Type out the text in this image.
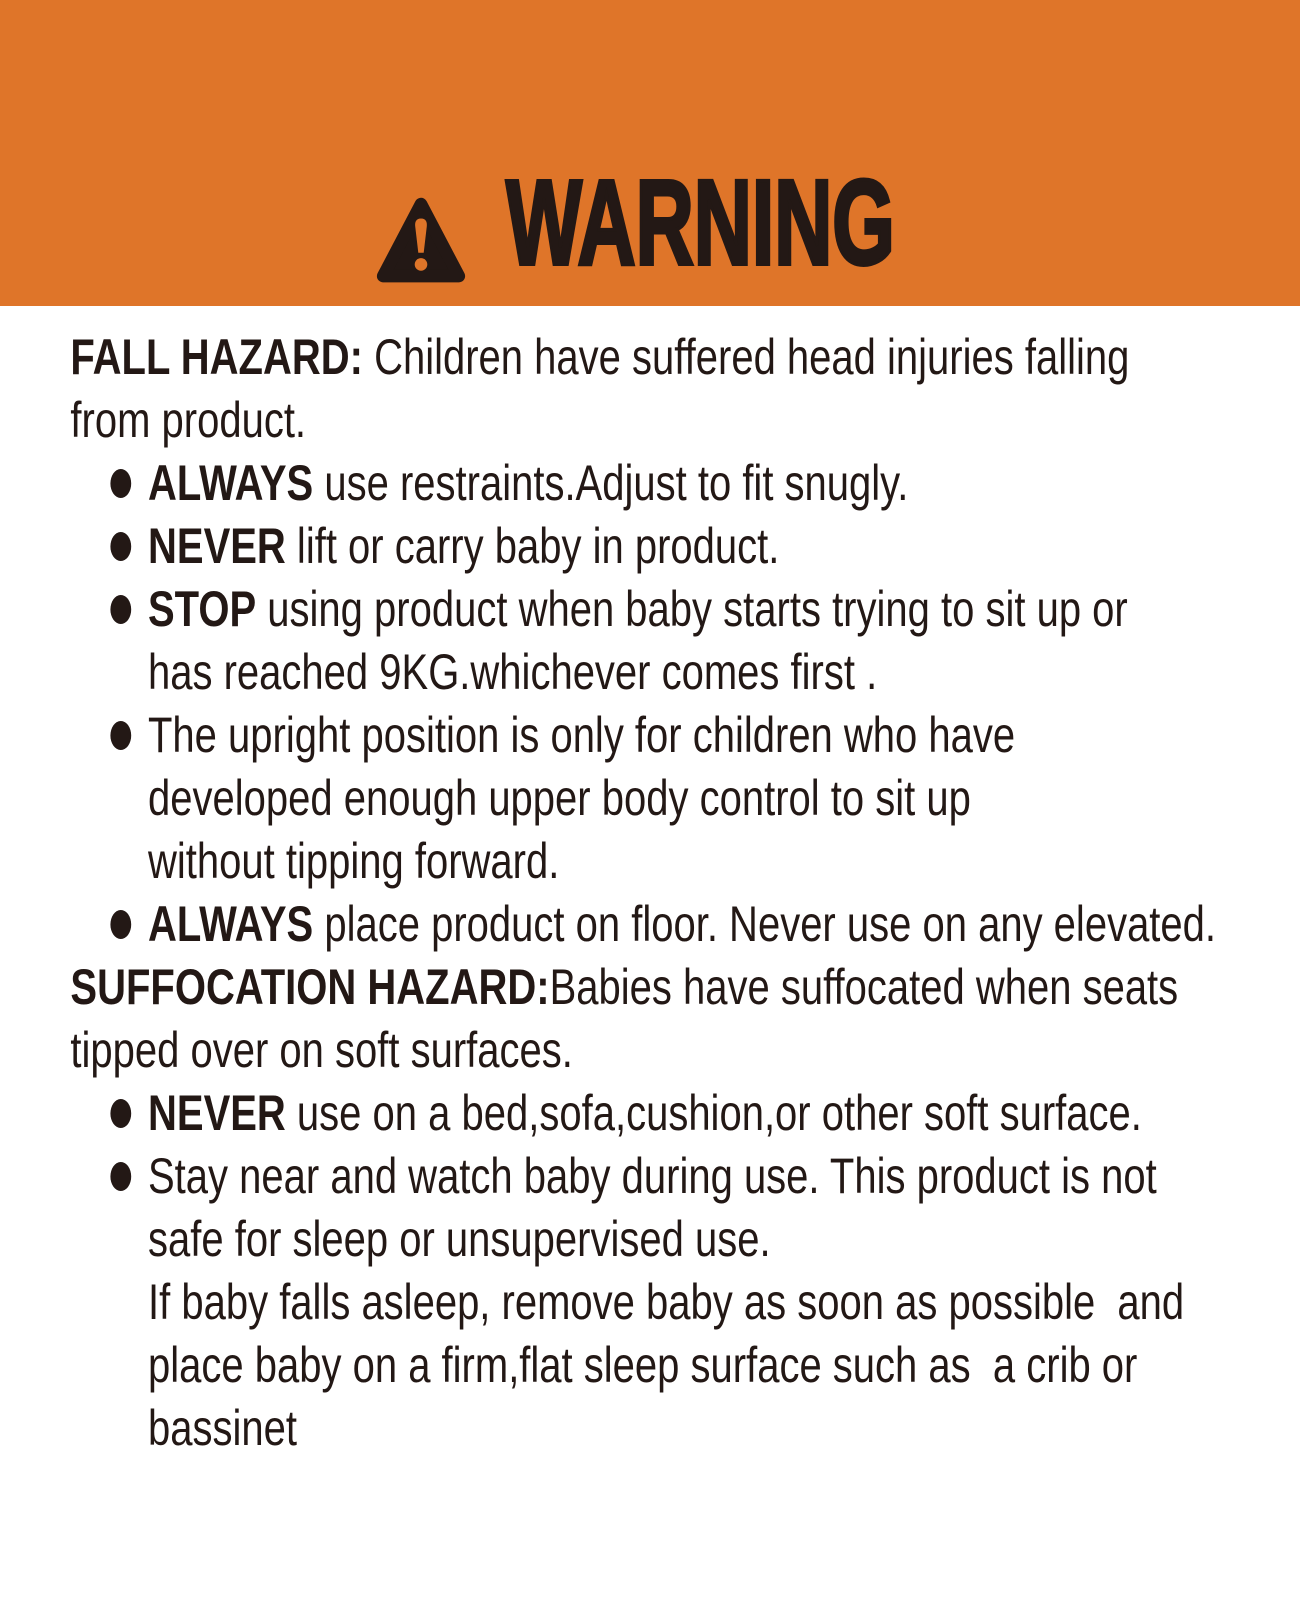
WARNING
FALL HAZARD: Children have suffered head injuries falling
from product.
ALWAYS use restraints.Adjust to fit snugly.
NEVER lift or carry baby in product.
STOP using product when baby starts trying to sit up or
has reached 9KG.whichever comes first .
The upright position is only for children who have
developed enough upper body control to sit up
without tipping forward.
ALWAYS place product on floor. Never use on any elevated.
SUFFOCATION HAZARD:Babies have suffocated when seats
tipped over on soft surfaces.
NEVER use on a bed,sofa,cushion,or other soft surface.
Stay near and watch baby during use. This product is not
safe for sleep or unsupervised use.
If baby falls asleep, remove baby as soon as possible  and
place baby on a firm,flat sleep surface such as  a crib or
bassinet
